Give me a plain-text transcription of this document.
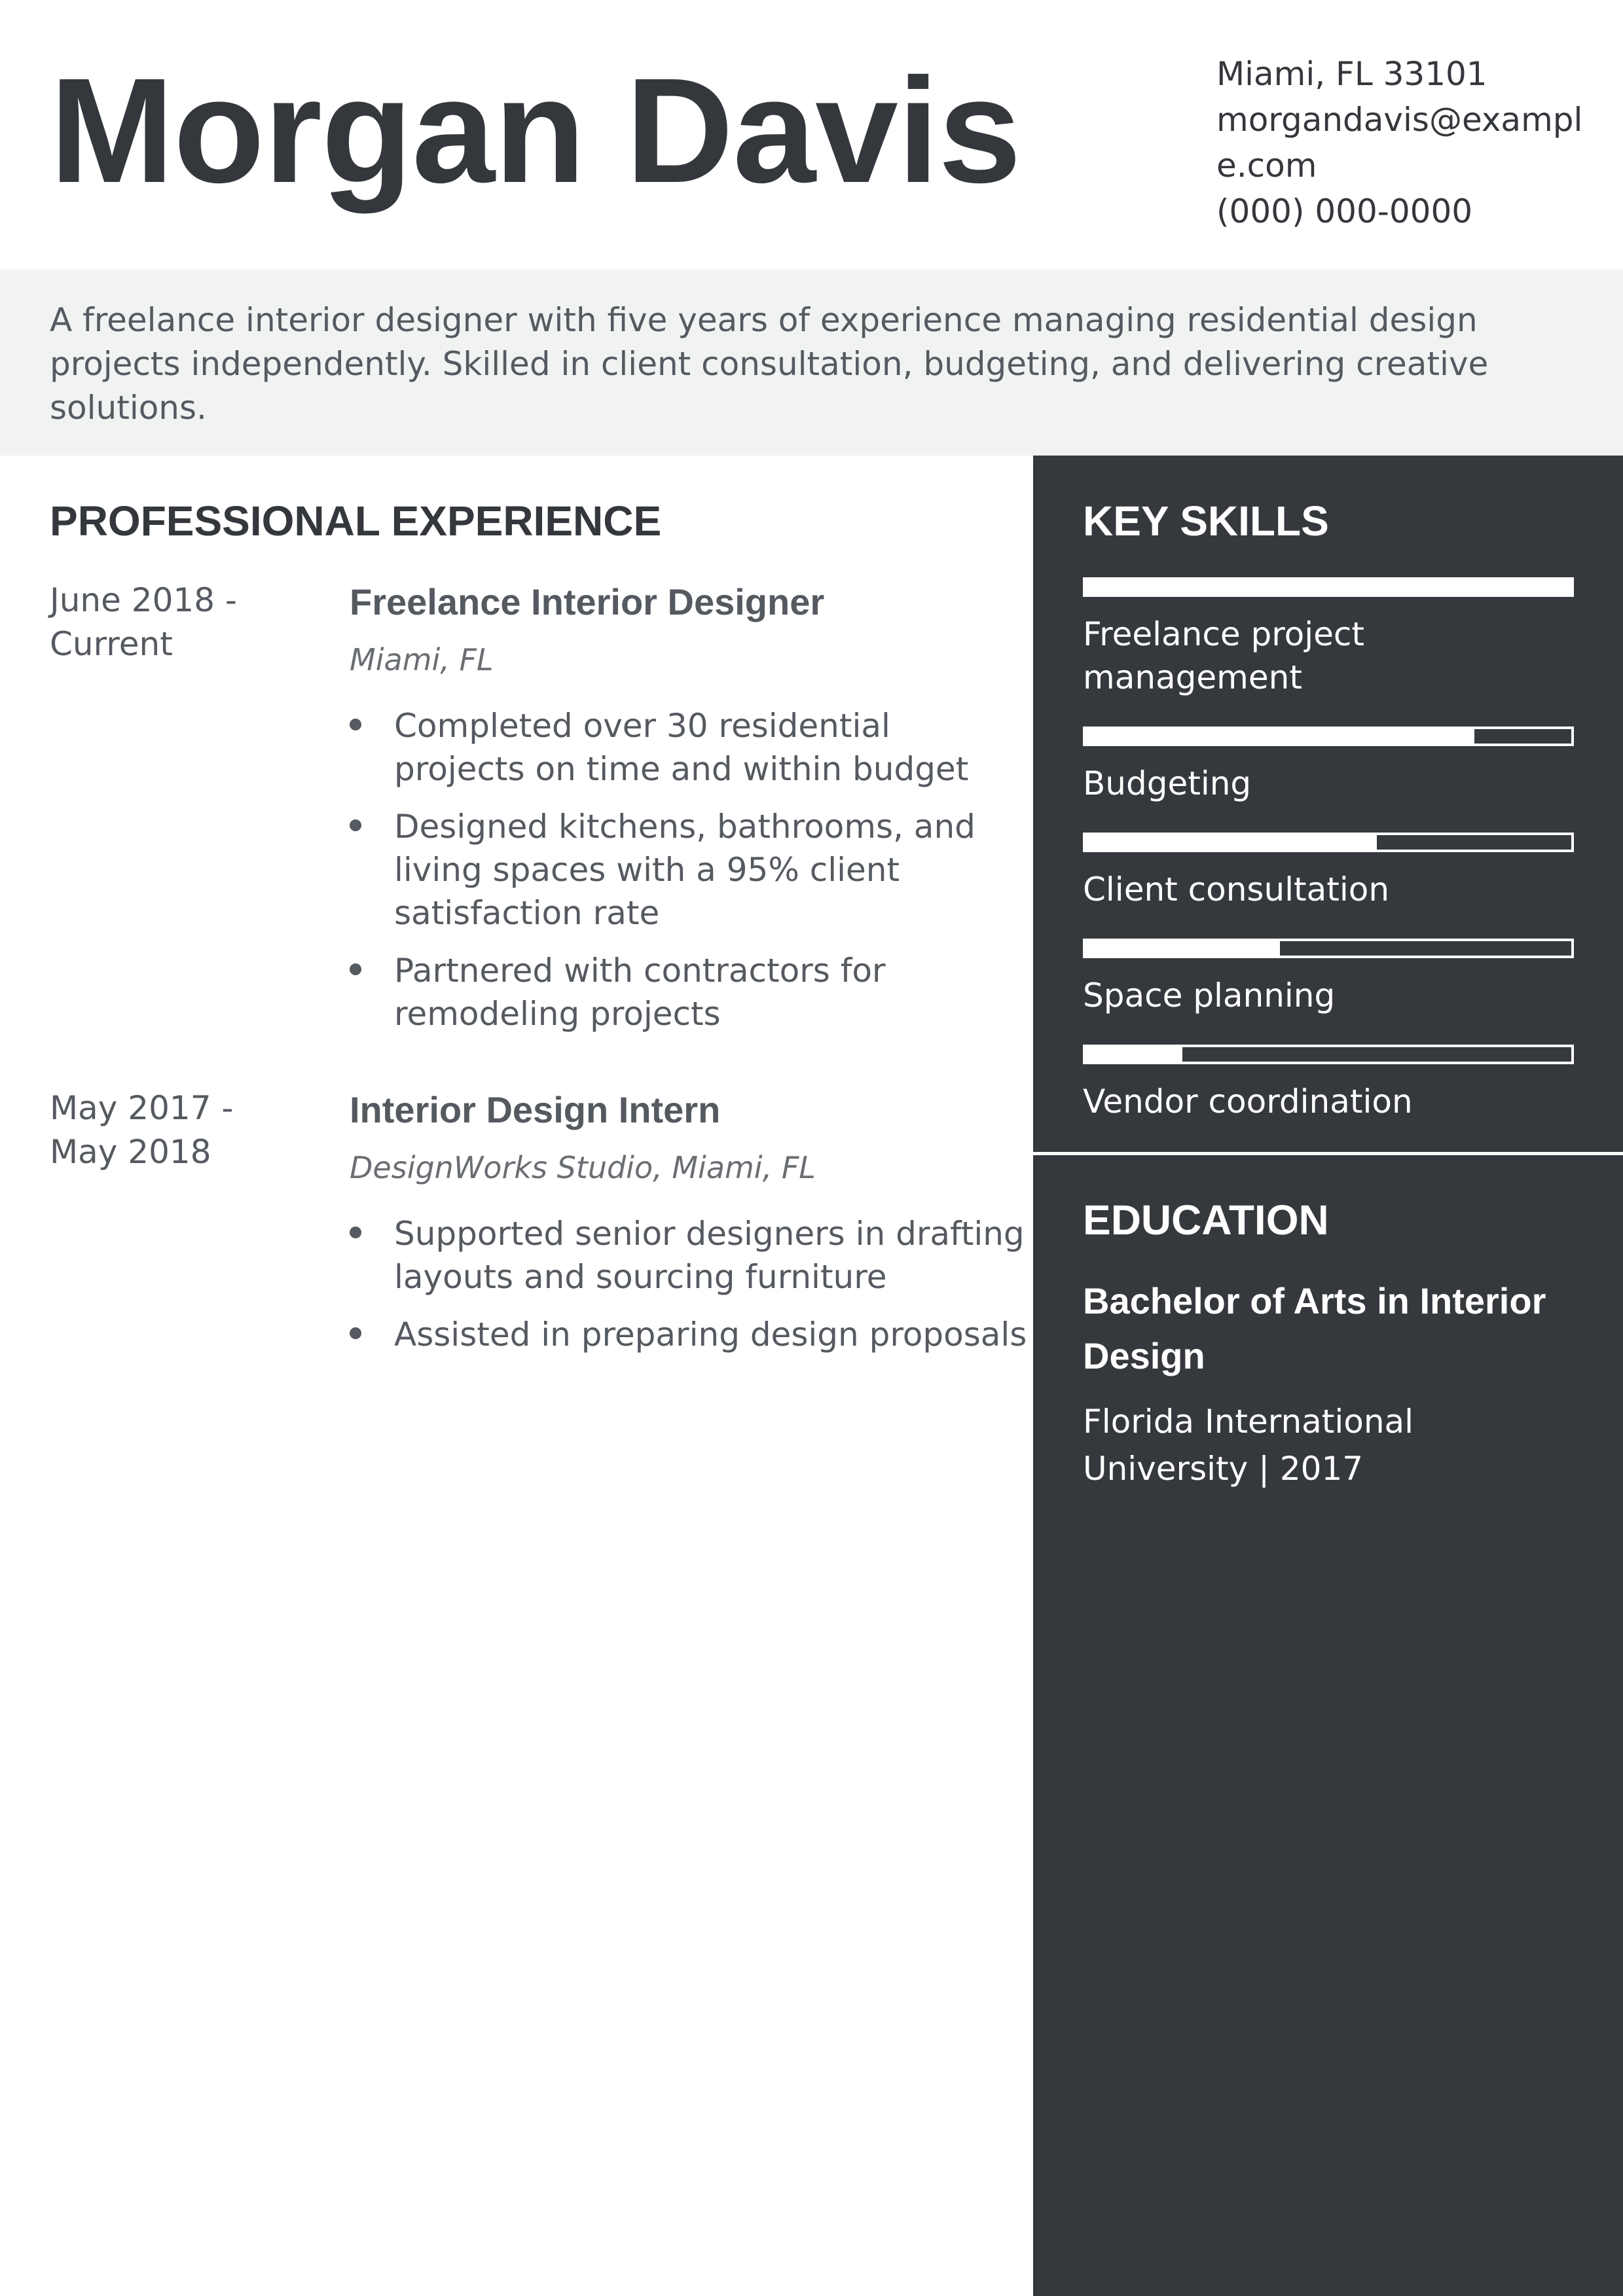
Morgan Davis	Miami, FL 33101
morgandavis@example.com
(000) 000-0000

A freelance interior designer with five years of experience managing residential design projects independently. Skilled in client consultation, budgeting, and delivering creative solutions.

PROFESSIONAL EXPERIENCE
June 2018 - Current
Freelance Interior Designer
Miami, FL
Completed over 30 residential projects on time and within budget
Designed kitchens, bathrooms, and living spaces with a 95% client satisfaction rate
Partnered with contractors for remodeling projects
May 2017 - May 2018
Interior Design Intern
DesignWorks Studio, Miami, FL
Supported senior designers in drafting layouts and sourcing furniture
Assisted in preparing design proposals
KEY SKILLS
Freelance project management
Budgeting
Client consultation
Space planning
Vendor coordination
EDUCATION
Bachelor of Arts in Interior Design
Florida International University | 2017
